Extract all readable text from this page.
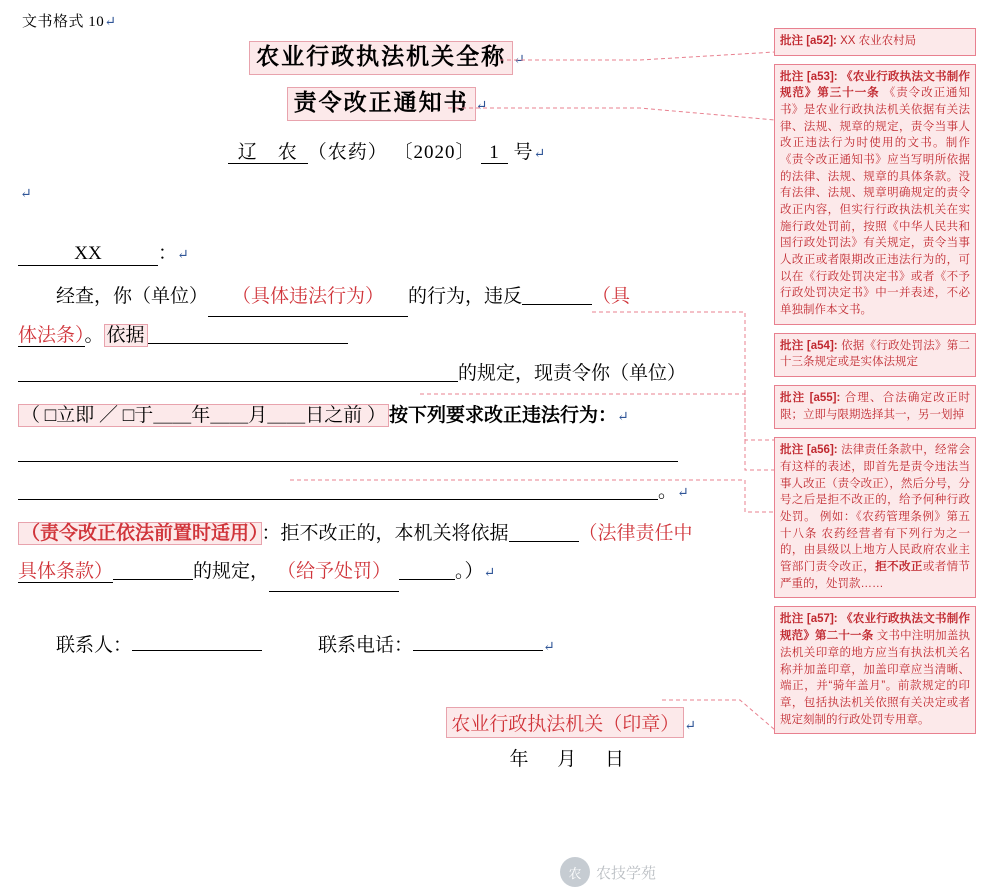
文书格式 10↵
农业行政执法机关全称 ↵
责令改正通知书 ↵
辽 农 （农药） 〔2020〕 1 号↵
↵
XX	：↵
经查，你（单位） （具体违法行为） 的行为，违反	（具
体法条）。 依据
的规定，现责令你（单位）
（ □立即 ／ □于＿＿年＿＿月＿＿日之前 ） 按下列要求改正违法行为：↵

。↵
（责令改正依法前置时适用） ：拒不改正的，本机关将依据	（法律责任中
具体条款）	的规定， （给予处罚）	。）↵
联系人：	联系电话：	↵
农业行政执法机关（印章） ↵
年 月 日
批注 [a52]: XX 农业农村局
批注 [a53]: 《农业行政执法文书制作规范》第三十一条 《责令改正通知书》是农业行政执法机关依据有关法律、法规、规章的规定，责令当事人改正违法行为时使用的文书。制作《责令改正通知书》应当写明所依据的法律、法规、规章的具体条款。没有法律、法规、规章明确规定的责令改正内容，但实行行政执法机关在实施行政处罚前，按照《中华人民共和国行政处罚法》有关规定，责令当事人改正或者限期改正违法行为的，可以在《行政处罚决定书》或者《不予行政处罚决定书》中一并表述，不必单独制作本文书。
批注 [a54]: 依据《行政处罚法》第二十三条规定或是实体法规定
批注 [a55]: 合理、合法确定改正时限；立即与限期选择其一，另一划掉
批注 [a56]: 法律责任条款中，经常会有这样的表述，即首先是责令违法当事人改正（责令改正），然后分号，分号之后是拒不改正的，给予何种行政处罚。 例如：《农药管理条例》第五十八条 农药经营者有下列行为之一的，由县级以上地方人民政府农业主管部门责令改正，拒不改正或者情节严重的，处罚款……
批注 [a57]: 《农业行政执法文书制作规范》第二十一条 文书中注明加盖执法机关印章的地方应当有执法机关名称并加盖印章，加盖印章应当清晰、端正，并“骑年盖月”。前款规定的印章，包括执法机关依照有关决定或者规定刻制的行政处罚专用章。
农 农技学苑
